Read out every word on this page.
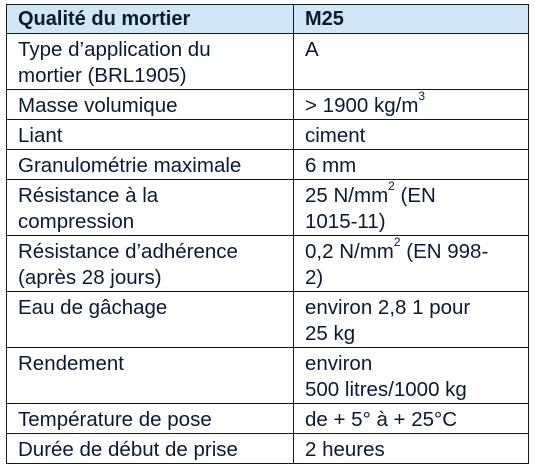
Qualité du mortier	M25

Type d’application du
mortier (BRL1905)	A

Masse volumique	> 1900 $kg/m^3$

Liant	ciment

Granulométrie maximale	6 mm

Résistance à la
compression	25 $N/mm^2$ (EN
1015-11)

Résistance d’adhérence
(après 28 jours)	0,2 $N/mm^2$ (EN 998-
2)

Eau de gâchage	environ 2,8 1 pour
25 kg

Rendement	environ
500 litres/1000 kg

Température de pose	de + 5° à + 25°C

Durée de début de prise	2 heures
